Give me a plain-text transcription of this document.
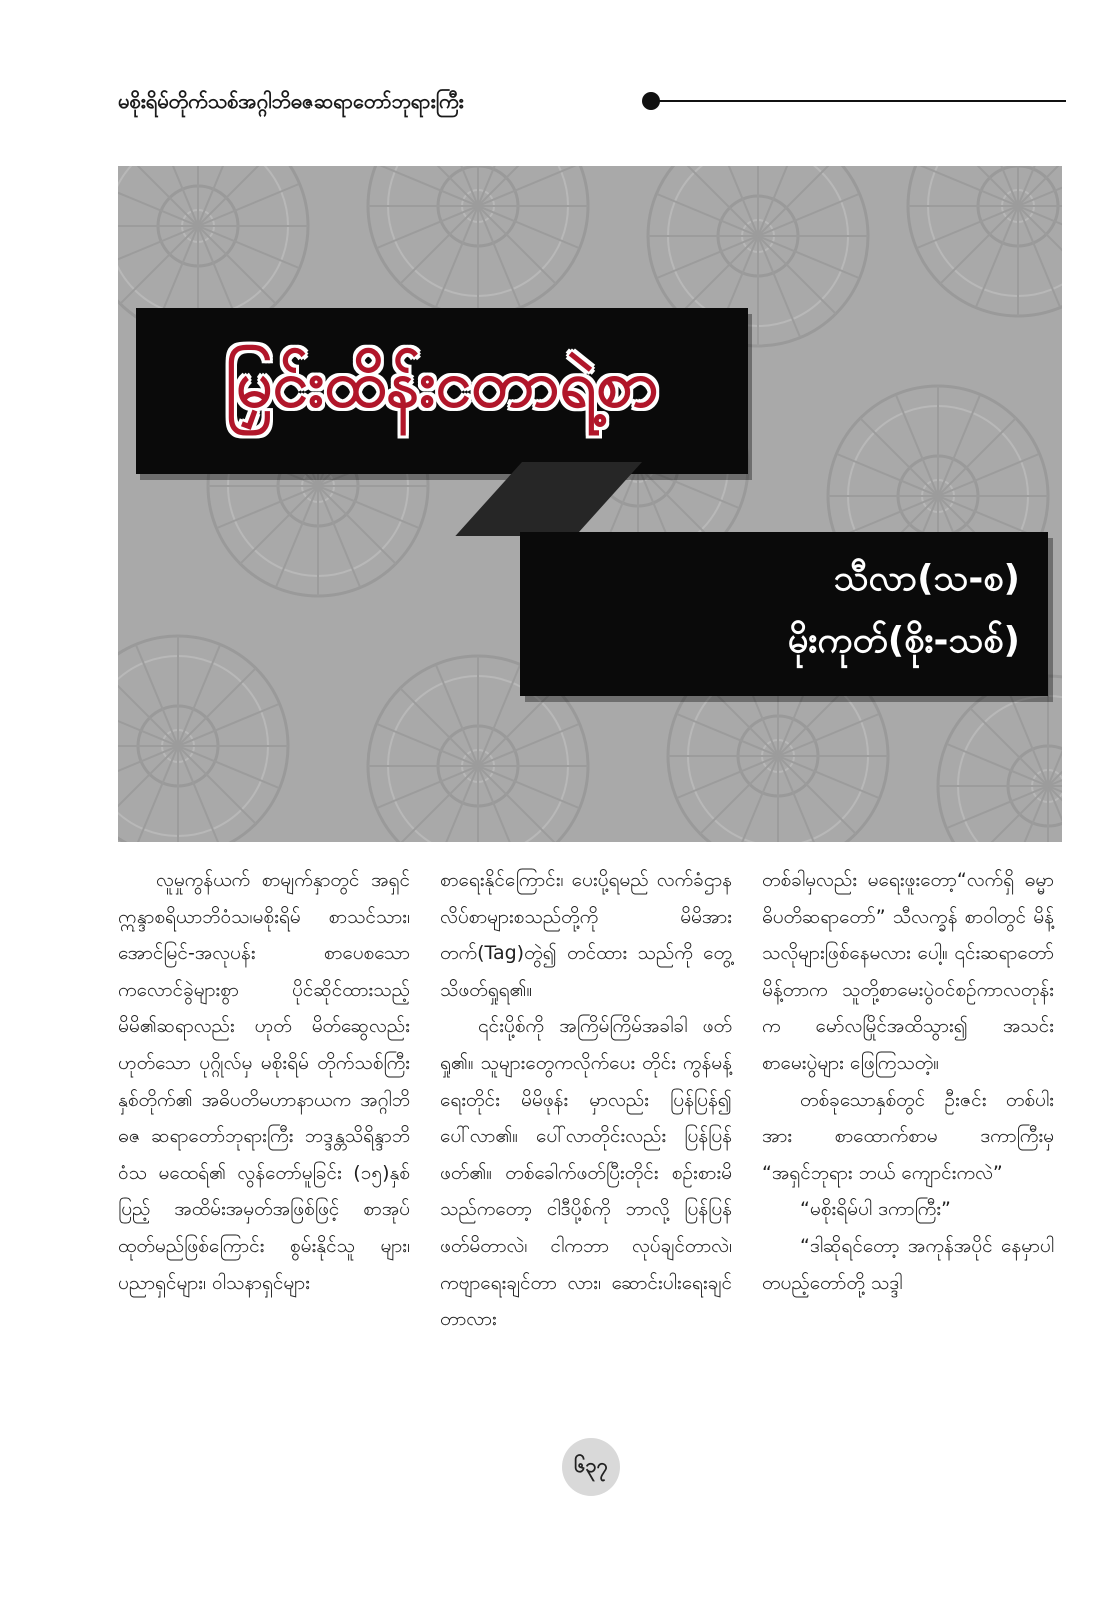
မစိုးရိမ်တိုက်သစ်အဂ္ဂါဘိဓဇဆရာတော်ဘုရားကြီး
မြှင်းထိန်းငတာရဲ့စာ
သီလာ(သ-စ)
မိုးကုတ်(စိုး-သစ်)

လူမှုကွန်ယက် စာမျက်နှာတွင် အရှင်ဣန္ဒာစရိယာဘိဝံသ၊မစိုးရိမ် စာသင်သား၊အောင်မြင်-အလုပန်း စာပေစသော ကလောင်ခွဲများစွာ ပိုင်ဆိုင်ထားသည့် မိမိ၏ဆရာလည်း ဟုတ် မိတ်ဆွေလည်း ဟုတ်သော ပုဂ္ဂိုလ်မှ မစိုးရိမ် တိုက်သစ်ကြီး နှစ်တိုက်၏ အဓိပတိမဟာနာယက အဂ္ဂါဘိဓဇ ဆရာတော်ဘုရားကြီး ဘဒ္ဒန္တသိရိန္ဒာဘိဝံသ မထေရ်၏ လွန်တော်မူခြင်း (၁၅)နှစ်ပြည့် အထိမ်းအမှတ်အဖြစ်ဖြင့် စာအုပ် ထုတ်မည်ဖြစ်ကြောင်း စွမ်းနိုင်သူ များ၊ ပညာရှင်များ၊ ဝါသနာရှင်များ

စာရေးနိုင်ကြောင်း၊ ပေးပို့ရမည် လက်ခံဌာန လိပ်စာများစသည်တို့ကို မိမိအား တက်(Tag)တွဲ၍ တင်ထား သည်ကို တွေ့သိဖတ်ရှုရ၏။

၎င်းပို့စ်ကို အကြိမ်ကြိမ်အခါခါ ဖတ်ရှု၏။ သူများတွေကလိုက်ပေး တိုင်း ကွန်မန့်ရေးတိုင်း မိမိဖုန်း မှာလည်း ပြန်ပြန်၍ ပေါ်လာ၏။ ပေါ်လာတိုင်းလည်း ပြန်ပြန်ဖတ်၏။ တစ်ခေါက်ဖတ်ပြီးတိုင်း စဉ်းစားမိ သည်ကတော့ ငါဒီပို့စ်ကို ဘာလို့ ပြန်ပြန်ဖတ်မိတာလဲ၊ ငါကဘာ လုပ်ချင်တာလဲ၊ ကဗျာရေးချင်တာ လား၊ ဆောင်းပါးရေးချင်တာလား

တစ်ခါမှလည်း မရေးဖူးတော့“လက်ရှိ ဓမ္မာဓိပတိဆရာတော်” သီလက္ခန် စာဝါတွင် မိန့်သလိုများဖြစ်နေမလား ပေါ့။ ၎င်းဆရာတော် မိန့်တာက သူတို့စာမေးပွဲဝင်စဉ်ကာလတုန်းက မော်လမြိုင်အထိသွား၍ အသင်း စာမေးပွဲများ ဖြေကြသတဲ့။

တစ်ခုသောနှစ်တွင် ဦးဇင်း တစ်ပါးအား စာထောက်စာမ ဒကာကြီးမှ “အရှင်ဘုရား ဘယ် ကျောင်းကလဲ”

“မစိုးရိမ်ပါ ဒကာကြီး”

“ဒါဆိုရင်တော့ အကုန်အပိုင် နေမှာပါ တပည့်တော်တို့ သဒ္ဒါ

၆၃၇
